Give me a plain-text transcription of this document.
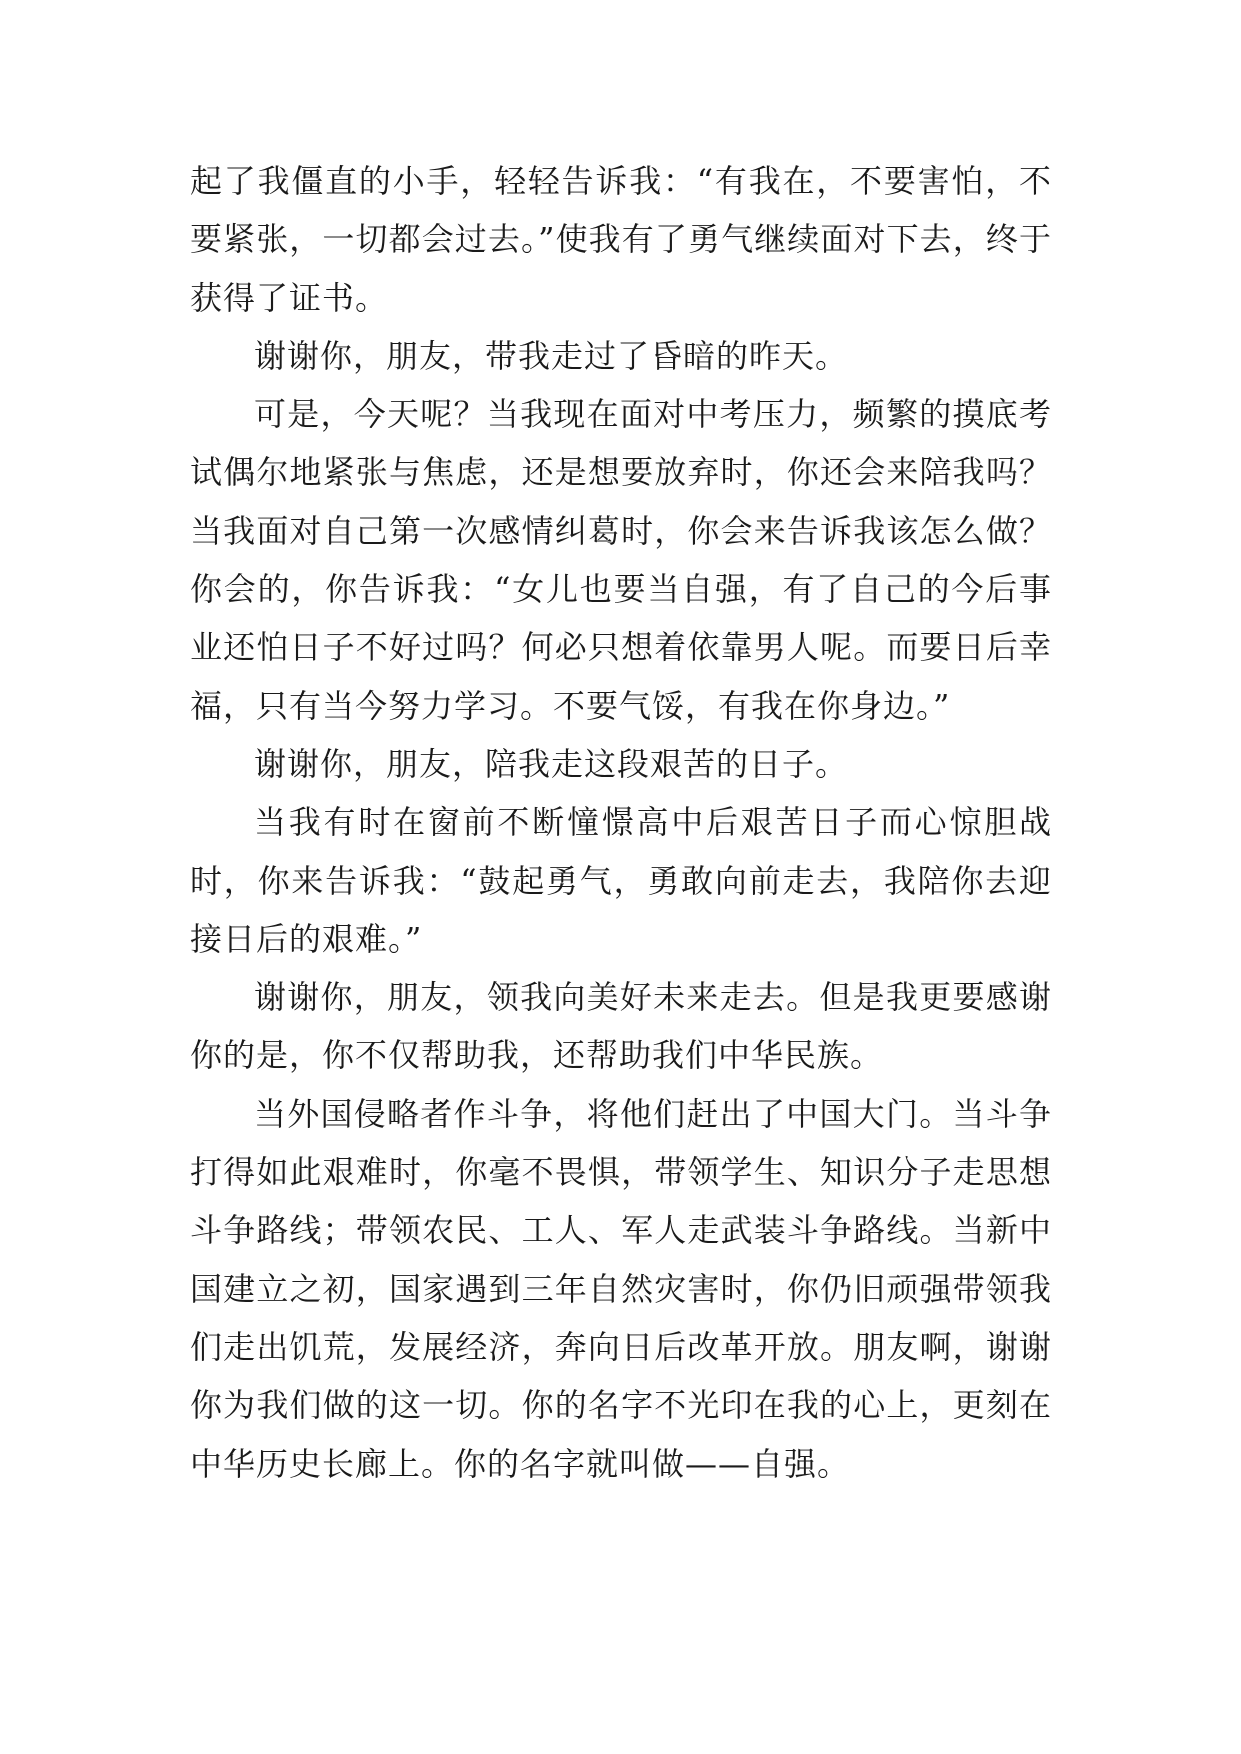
起了我僵直的小手，轻轻告诉我：“有我在，不要害怕，不要紧张，一切都会过去。”使我有了勇气继续面对下去，终于获得了证书。

谢谢你，朋友，带我走过了昏暗的昨天。

可是，今天呢？当我现在面对中考压力，频繁的摸底考试偶尔地紧张与焦虑，还是想要放弃时，你还会来陪我吗？当我面对自己第一次感情纠葛时，你会来告诉我该怎么做？你会的，你告诉我：“女儿也要当自强，有了自己的今后事业还怕日子不好过吗？何必只想着依靠男人呢。而要日后幸福，只有当今努力学习。不要气馁，有我在你身边。”

谢谢你，朋友，陪我走这段艰苦的日子。

当我有时在窗前不断憧憬高中后艰苦日子而心惊胆战时，你来告诉我：“鼓起勇气，勇敢向前走去，我陪你去迎接日后的艰难。”

谢谢你，朋友，领我向美好未来走去。但是我更要感谢你的是，你不仅帮助我，还帮助我们中华民族。

当外国侵略者作斗争，将他们赶出了中国大门。当斗争打得如此艰难时，你毫不畏惧，带领学生、知识分子走思想斗争路线；带领农民、工人、军人走武装斗争路线。当新中国建立之初，国家遇到三年自然灾害时，你仍旧顽强带领我们走出饥荒，发展经济，奔向日后改革开放。朋友啊，谢谢你为我们做的这一切。你的名字不光印在我的心上，更刻在中华历史长廊上。你的名字就叫做——自强。
